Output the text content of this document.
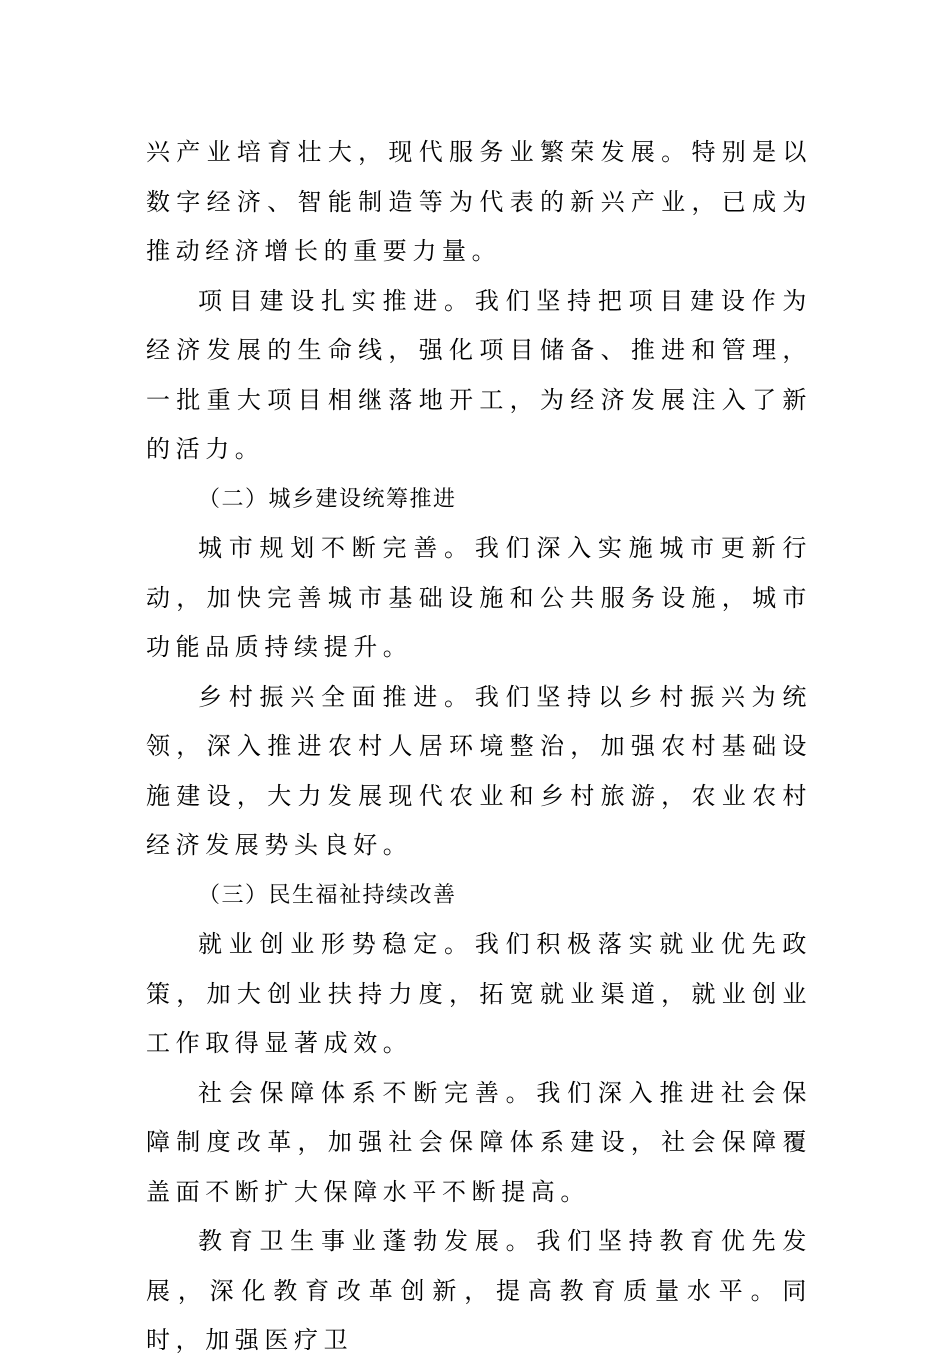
兴产业培育壮大，现代服务业繁荣发展。特别是以数字经济、智能制造等为代表的新兴产业，已成为推动经济增长的重要力量。

项目建设扎实推进。我们坚持把项目建设作为经济发展的生命线，强化项目储备、推进和管理，一批重大项目相继落地开工，为经济发展注入了新的活力。

（二）城乡建设统筹推进

城市规划不断完善。我们深入实施城市更新行动，加快完善城市基础设施和公共服务设施，城市功能品质持续提升。

乡村振兴全面推进。我们坚持以乡村振兴为统领，深入推进农村人居环境整治，加强农村基础设施建设，大力发展现代农业和乡村旅游，农业农村经济发展势头良好。

（三）民生福祉持续改善

就业创业形势稳定。我们积极落实就业优先政策，加大创业扶持力度，拓宽就业渠道，就业创业工作取得显著成效。

社会保障体系不断完善。我们深入推进社会保障制度改革，加强社会保障体系建设，社会保障覆盖面不断扩大保障水平不断提高。

教育卫生事业蓬勃发展。我们坚持教育优先发展，深化教育改革创新，提高教育质量水平。同时，加强医疗卫
